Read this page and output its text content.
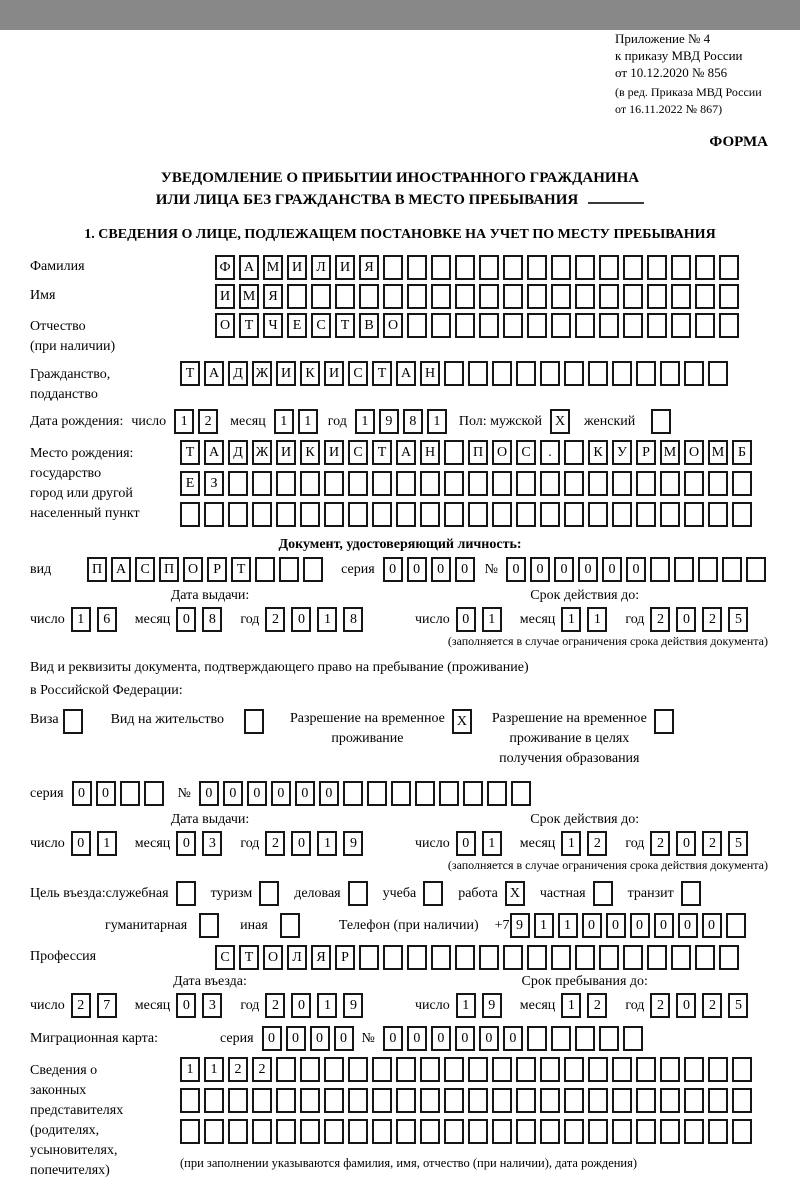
Приложение № 4
к приказу МВД России
от 10.12.2020 № 856
(в ред. Приказа МВД России
от 16.11.2022 № 867)
ФОРМА
УВЕДОМЛЕНИЕ О ПРИБЫТИИ ИНОСТРАННОГО ГРАЖДАНИНА
ИЛИ ЛИЦА БЕЗ ГРАЖДАНСТВА В МЕСТО ПРЕБЫВАНИЯ
1. СВЕДЕНИЯ О ЛИЦЕ, ПОДЛЕЖАЩЕМ ПОСТАНОВКЕ НА УЧЕТ ПО МЕСТУ ПРЕБЫВАНИЯ
Фамилия	Ф А М И	Л	И	Я
Имя	И М Я
Отчество
(при наличии)
О	Т	Ч	Е	С	Т	В	О
Гражданство,
подданство
Т	А	Д Ж И	К	И	С	Т	А Н
Дата рождения: число	1	2	месяц	1	1	год	1	9	8	1	Пол: мужской X	женский
Место рождения:
государство
город или другой
населенный пункт
Т	А	Д Ж И	К	И	С	Т	А Н	П О	С	.	К	У	Р М О М Б

Е	З

Документ, удостоверяющий личность:
вид	П А	С	П О	Р	Т	серия	0	0	0	0	№	0	0	0	0	0	0
Дата выдачи:
число 1	6	месяц 0	8	год 2	0	1	8
Срок действия до:
число 0	1	месяц 1	1	год 2	0	2	5
(заполняется в случае ограничения срока действия документа)
Вид и реквизиты документа, подтверждающего право на пребывание (проживание)
в Российской Федерации:
Виза	Вид на жительство	Разрешение на временное
проживание
X	Разрешение на временное
проживание в целях
получения образования
серия	0	0	№	0	0	0	0	0	0
Дата выдачи:
число 0	1	месяц 0	3	год 2	0	1	9
Срок действия до:
число 0	1	месяц 1	2	год 2	0	2	5
(заполняется в случае ограничения срока действия документа)
Цель въезда: служебная	туризм	деловая	учеба	работа X	частная	транзит
гуманитарная	иная	Телефон (при наличии) +7 9	1	1	0	0	0	0	0	0
Профессия	С	Т	О	Л	Я	Р
Дата въезда:
число 2	7	месяц 0	3	год 2	0	1	9
Срок пребывания до:
число 1	9	месяц 1	2	год 2	0	2	5
Миграционная карта:	серия	0	0	0	0	№	0	0	0	0	0	0
Сведения о
законных
представителях
(родителях,
усыновителях,
попечителях)
1	1	2	2

(при заполнении указываются фамилия, имя, отчество (при наличии), дата рождения)
